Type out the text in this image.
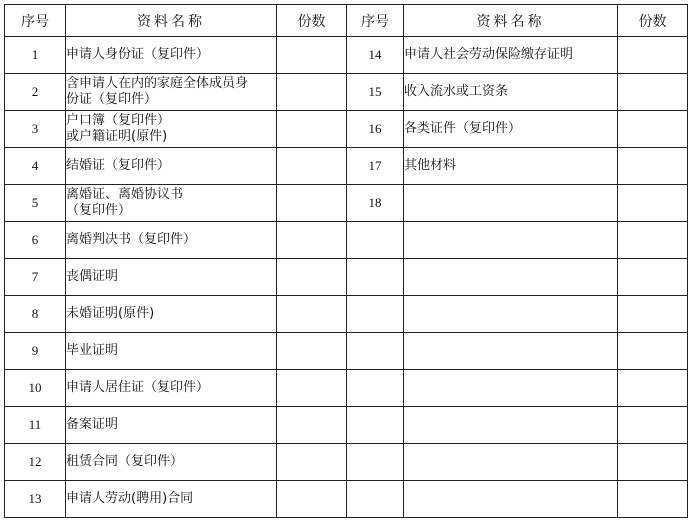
序号	资料名称	份数	序号	资料名称	份数
1	申请人身份证（复印件）		14	申请人社会劳动保险缴存证明	
2	含申请人在内的家庭全体成员身
份证（复印件）		15	收入流水或工资条	
3	户口簿（复印件）
或户籍证明(原件)		16	各类证件（复印件）	
4	结婚证（复印件）		17	其他材料	
5	离婚证、离婚协议书
（复印件）		18		
6	离婚判决书（复印件）				
7	丧偶证明				
8	未婚证明(原件)				
9	毕业证明				
10	申请人居住证（复印件）				
11	备案证明				
12	租赁合同（复印件）				
13	申请人劳动(聘用)合同				
